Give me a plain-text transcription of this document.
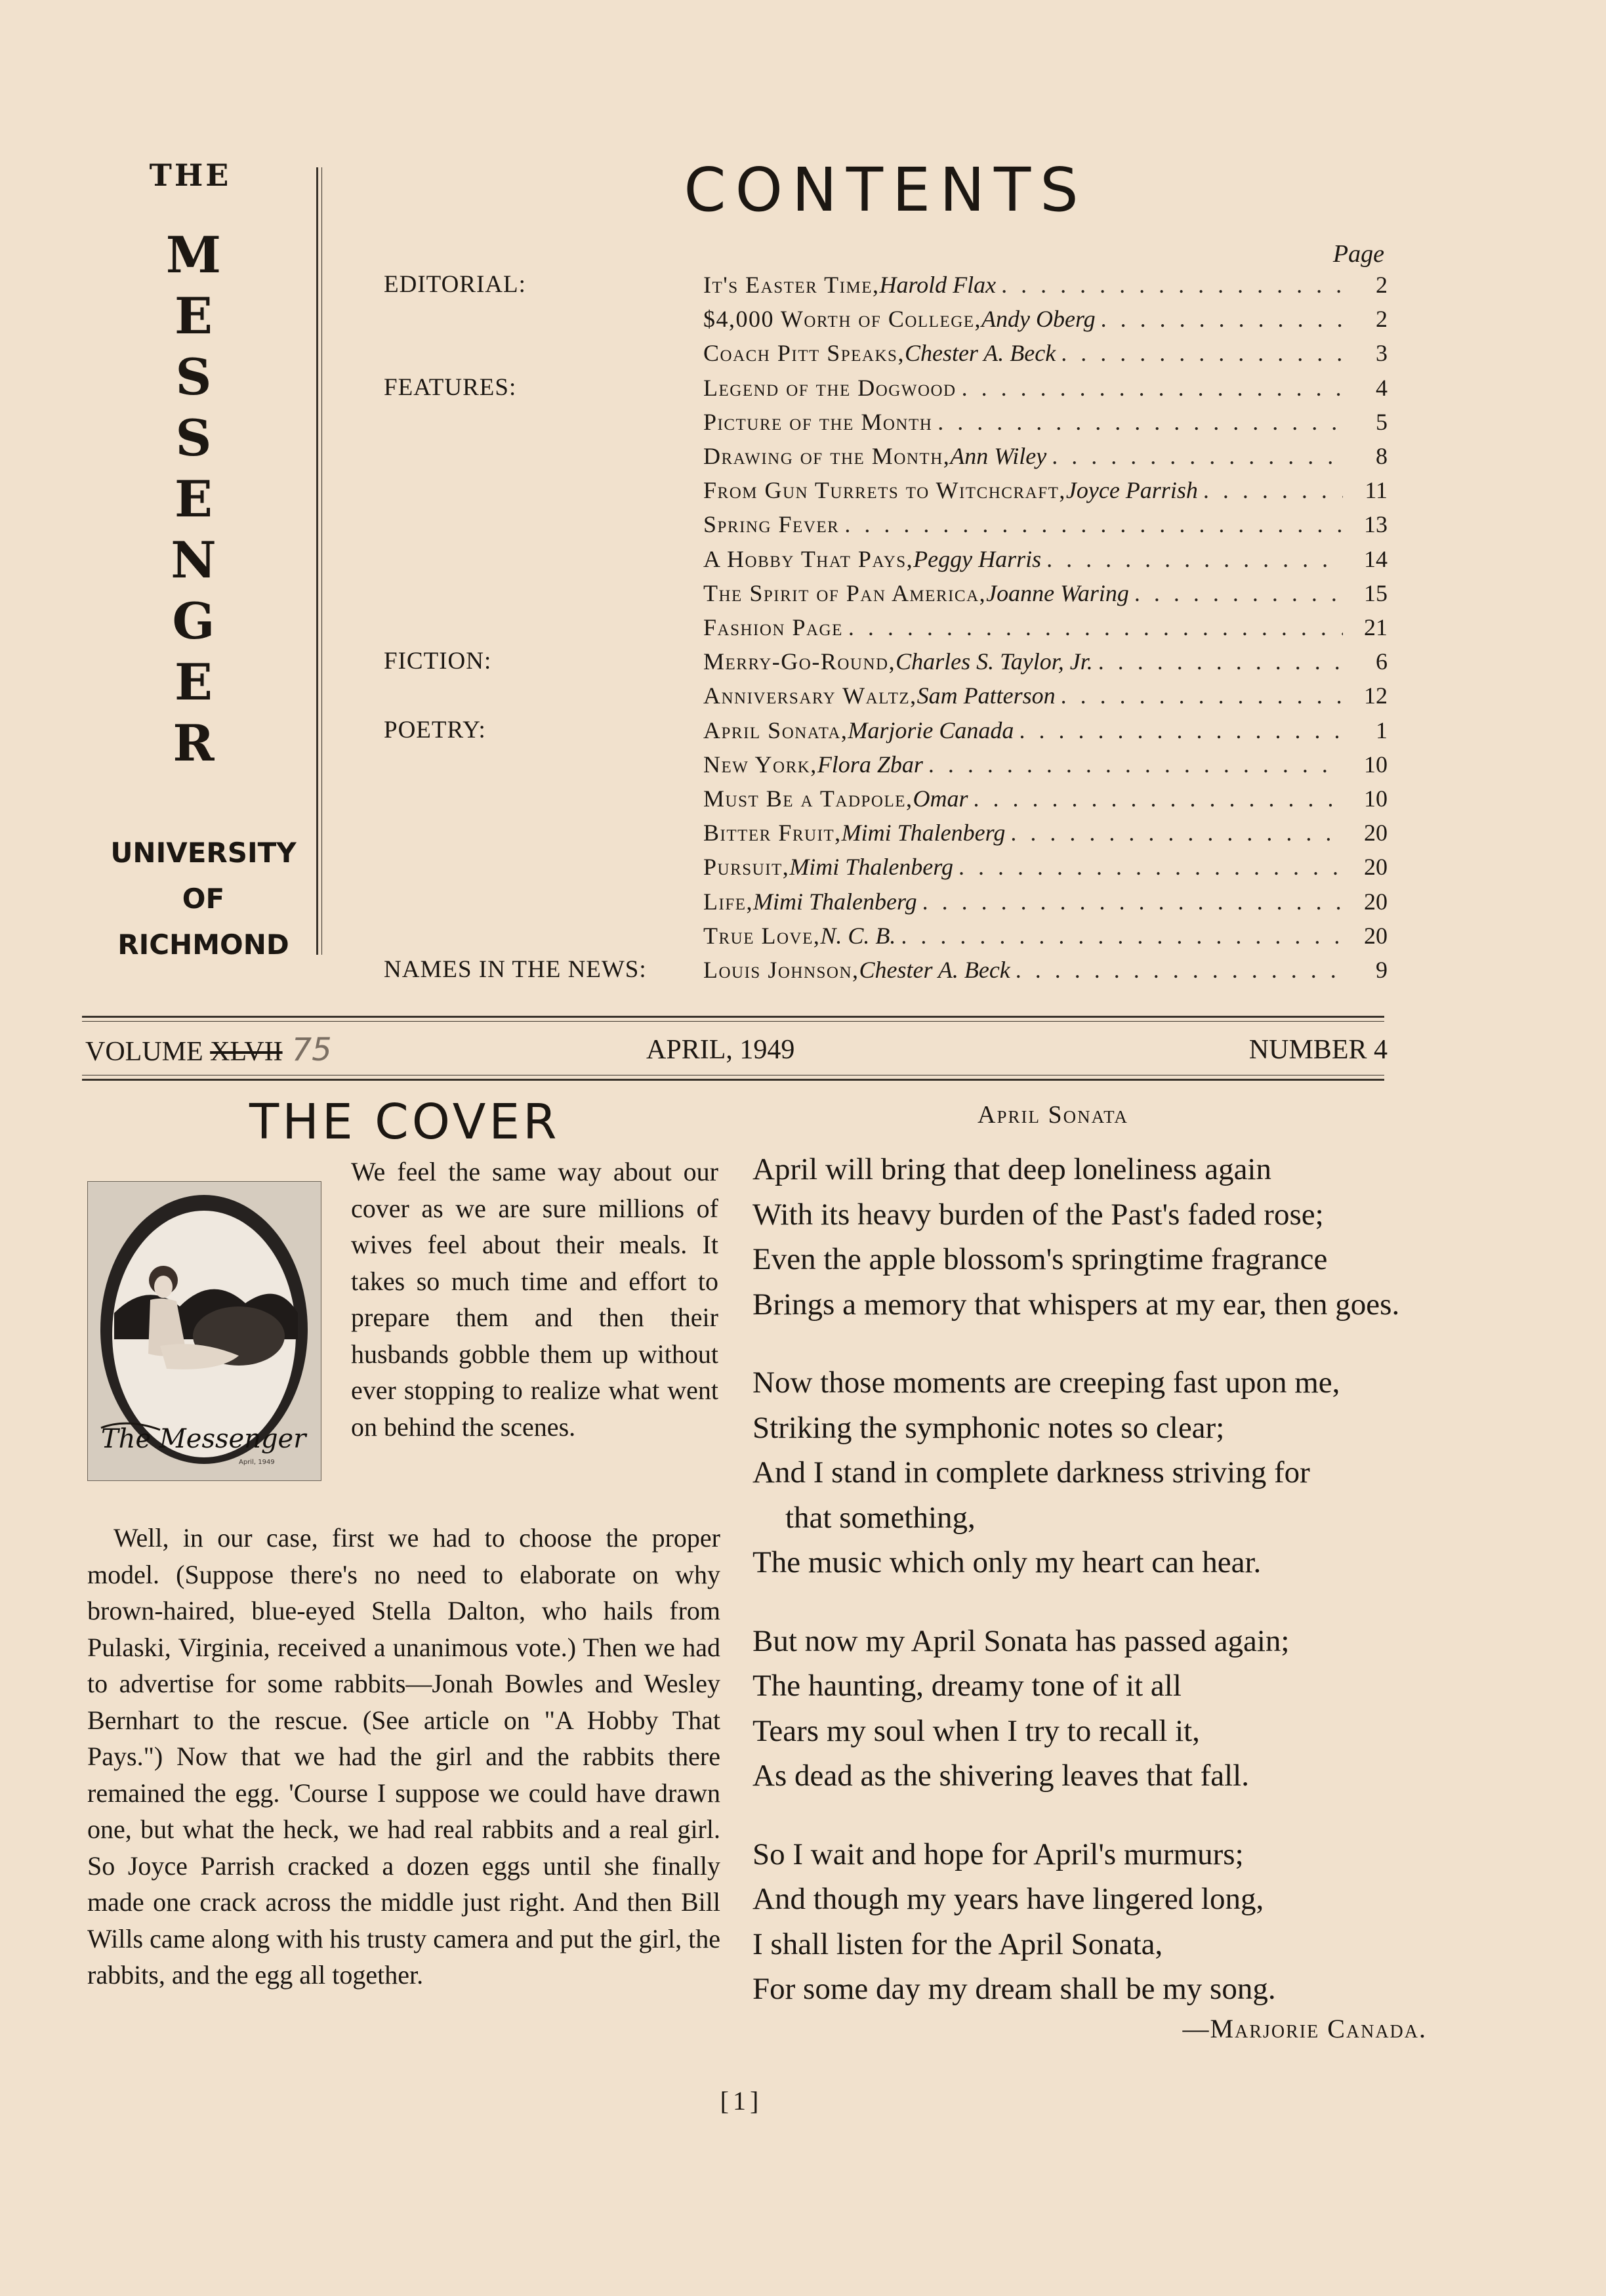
THE
M
E
S
S
E
N
G
E
R
UNIVERSITY
OF
RICHMOND
CONTENTS
Page
EDITORIAL:	It's Easter Time, Harold Flax . . .	2
$4,000 Worth of College, Andy Oberg . . .	2
Coach Pitt Speaks, Chester A. Beck . . .	3
FEATURES:	Legend of the Dogwood . . .	4
Picture of the Month . . .	5
Drawing of the Month, Ann Wiley . . .	8
From Gun Turrets to Witchcraft, Joyce Parrish . . .	11
Spring Fever . . .	13
A Hobby That Pays, Peggy Harris . . .	14
The Spirit of Pan America, Joanne Waring . . .	15
Fashion Page . . .	21
FICTION:	Merry-Go-Round, Charles S. Taylor, Jr. . . .	6
Anniversary Waltz, Sam Patterson . . .	12
POETRY:	April Sonata, Marjorie Canada . . .	1
New York, Flora Zbar . . .	10
Must Be a Tadpole, Omar . . .	10
Bitter Fruit, Mimi Thalenberg . . .	20
Pursuit, Mimi Thalenberg . . .	20
Life, Mimi Thalenberg . . .	20
True Love, N. C. B. . . .	20
NAMES IN THE NEWS: Louis Johnson, Chester A. Beck . . .	9
VOLUME XLVII 75	APRIL, 1949	NUMBER 4
THE COVER
The Messenger
April, 1949
We feel the same way about our cover as we are sure millions of wives feel about their meals. It takes so much time and effort to prepare them and then their husbands gobble them up without ever stopping to realize what went on behind the scenes.
Well, in our case, first we had to choose the proper model. (Suppose there's no need to elaborate on why brown-haired, blue-eyed Stella Dalton, who hails from Pulaski, Virginia, received a unanimous vote.) Then we had to advertise for some rabbits—Jonah Bowles and Wesley Bernhart to the rescue. (See article on "A Hobby That Pays.") Now that we had the girl and the rabbits there remained the egg. 'Course I suppose we could have drawn one, but what the heck, we had real rabbits and a real girl. So Joyce Parrish cracked a dozen eggs until she finally made one crack across the middle just right. And then Bill Wills came along with his trusty camera and put the girl, the rabbits, and the egg all together.
April Sonata
April will bring that deep loneliness again
With its heavy burden of the Past's faded rose;
Even the apple blossom's springtime fragrance
Brings a memory that whispers at my ear, then goes.
Now those moments are creeping fast upon me,
Striking the symphonic notes so clear;
And I stand in complete darkness striving for
that something,
The music which only my heart can hear.
But now my April Sonata has passed again;
The haunting, dreamy tone of it all
Tears my soul when I try to recall it,
As dead as the shivering leaves that fall.
So I wait and hope for April's murmurs;
And though my years have lingered long,
I shall listen for the April Sonata,
For some day my dream shall be my song.
—Marjorie Canada.
[1]
